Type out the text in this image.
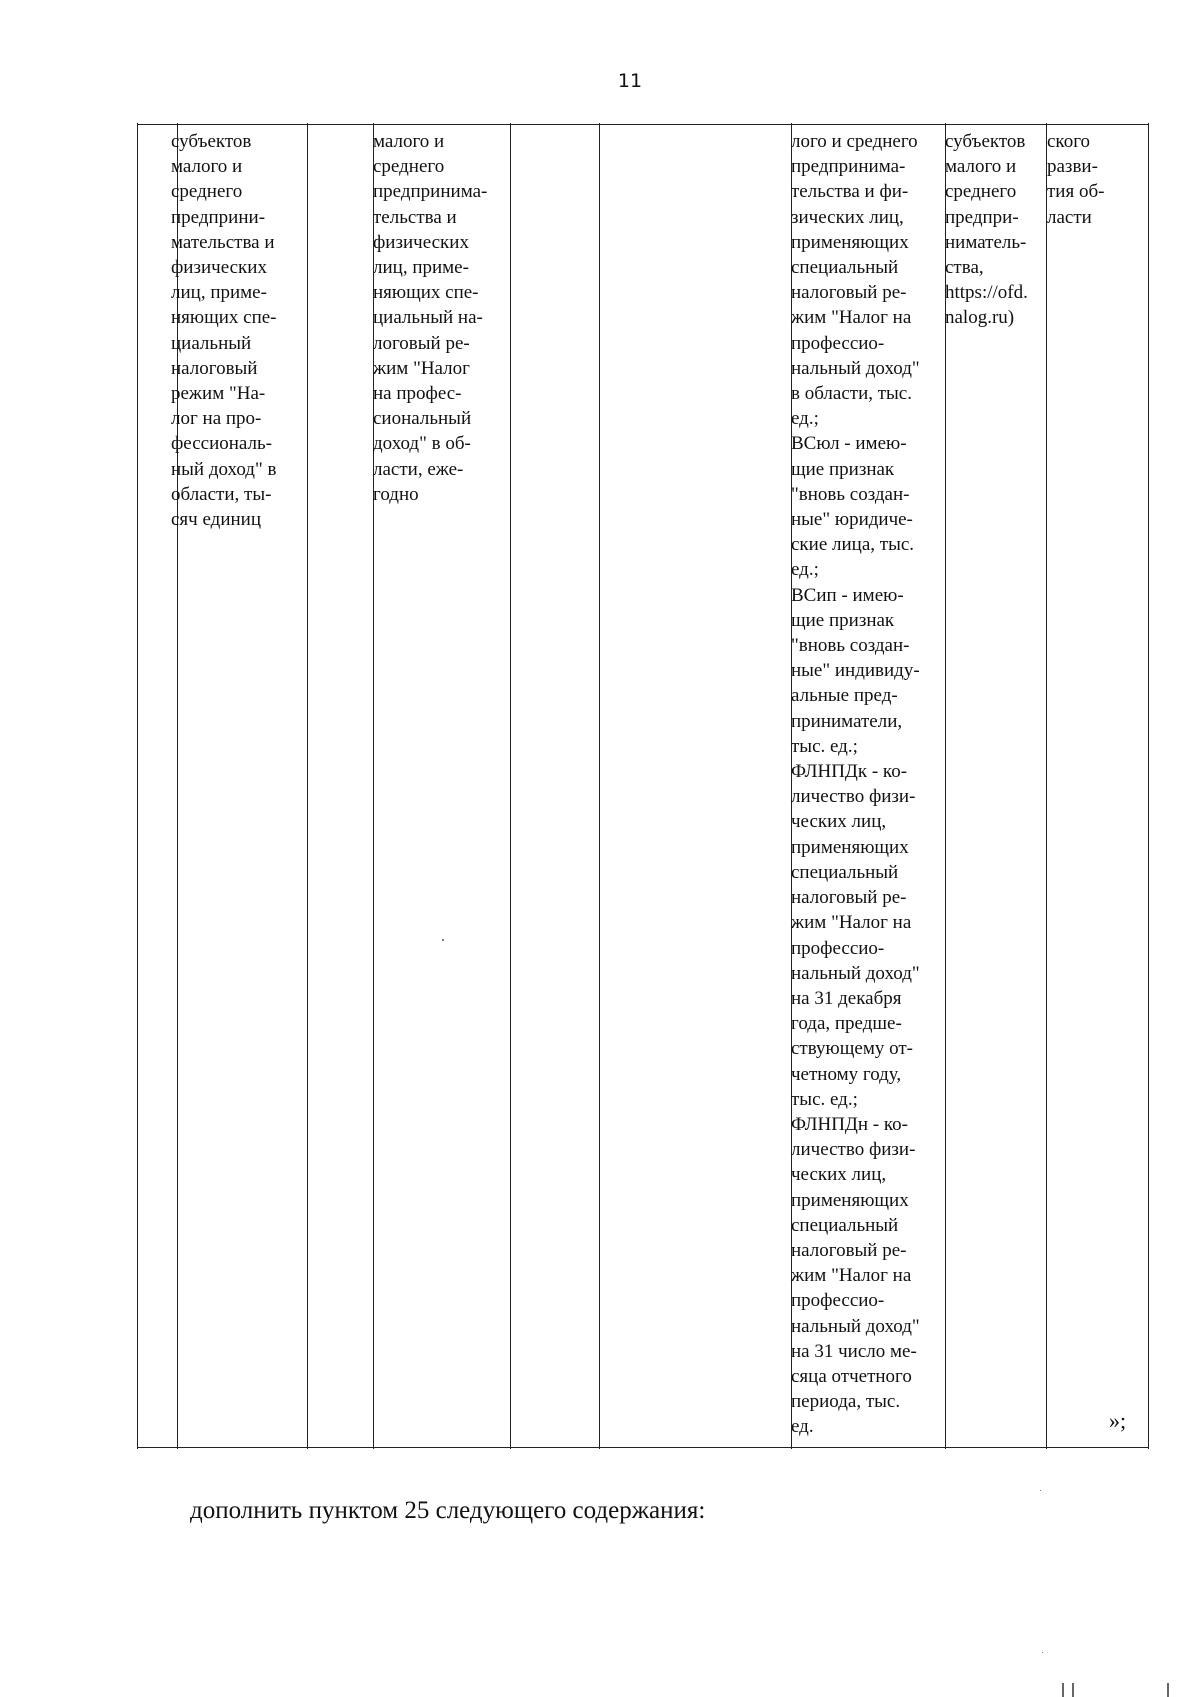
11
субъектов
малого и
среднего
предприни-
мательства и
физических
лиц, приме-
няющих спе-
циальный
налоговый
режим "На-
лог на про-
фессиональ-
ный доход" в
области, ты-
сяч единиц
малого и
среднего
предпринима-
тельства и
физических
лиц, приме-
няющих спе-
циальный на-
логовый ре-
жим "Налог
на профес-
сиональный
доход" в об-
ласти, еже-
годно
лого и среднего
предпринима-
тельства и фи-
зических лиц,
применяющих
специальный
налоговый ре-
жим "Налог на
профессио-
нальный доход"
в области, тыс.
ед.;
ВСюл - имею-
щие признак
"вновь создан-
ные" юридиче-
ские лица, тыс.
ед.;
ВСип - имею-
щие признак
"вновь создан-
ные" индивиду-
альные пред-
приниматели,
тыс. ед.;
ФЛНПДк - ко-
личество физи-
ческих лиц,
применяющих
специальный
налоговый ре-
жим "Налог на
профессио-
нальный доход"
на 31 декабря
года, предше-
ствующему от-
четному году,
тыс. ед.;
ФЛНПДн - ко-
личество физи-
ческих лиц,
применяющих
специальный
налоговый ре-
жим "Налог на
профессио-
нальный доход"
на 31 число ме-
сяца отчетного
периода, тыс.
ед.
субъектов
малого и
среднего
предпри-
ниматель-
ства,
https://ofd.
nalog.ru)
ского
разви-
тия об-
ласти
»;
дополнить пунктом 25 следующего содержания:
